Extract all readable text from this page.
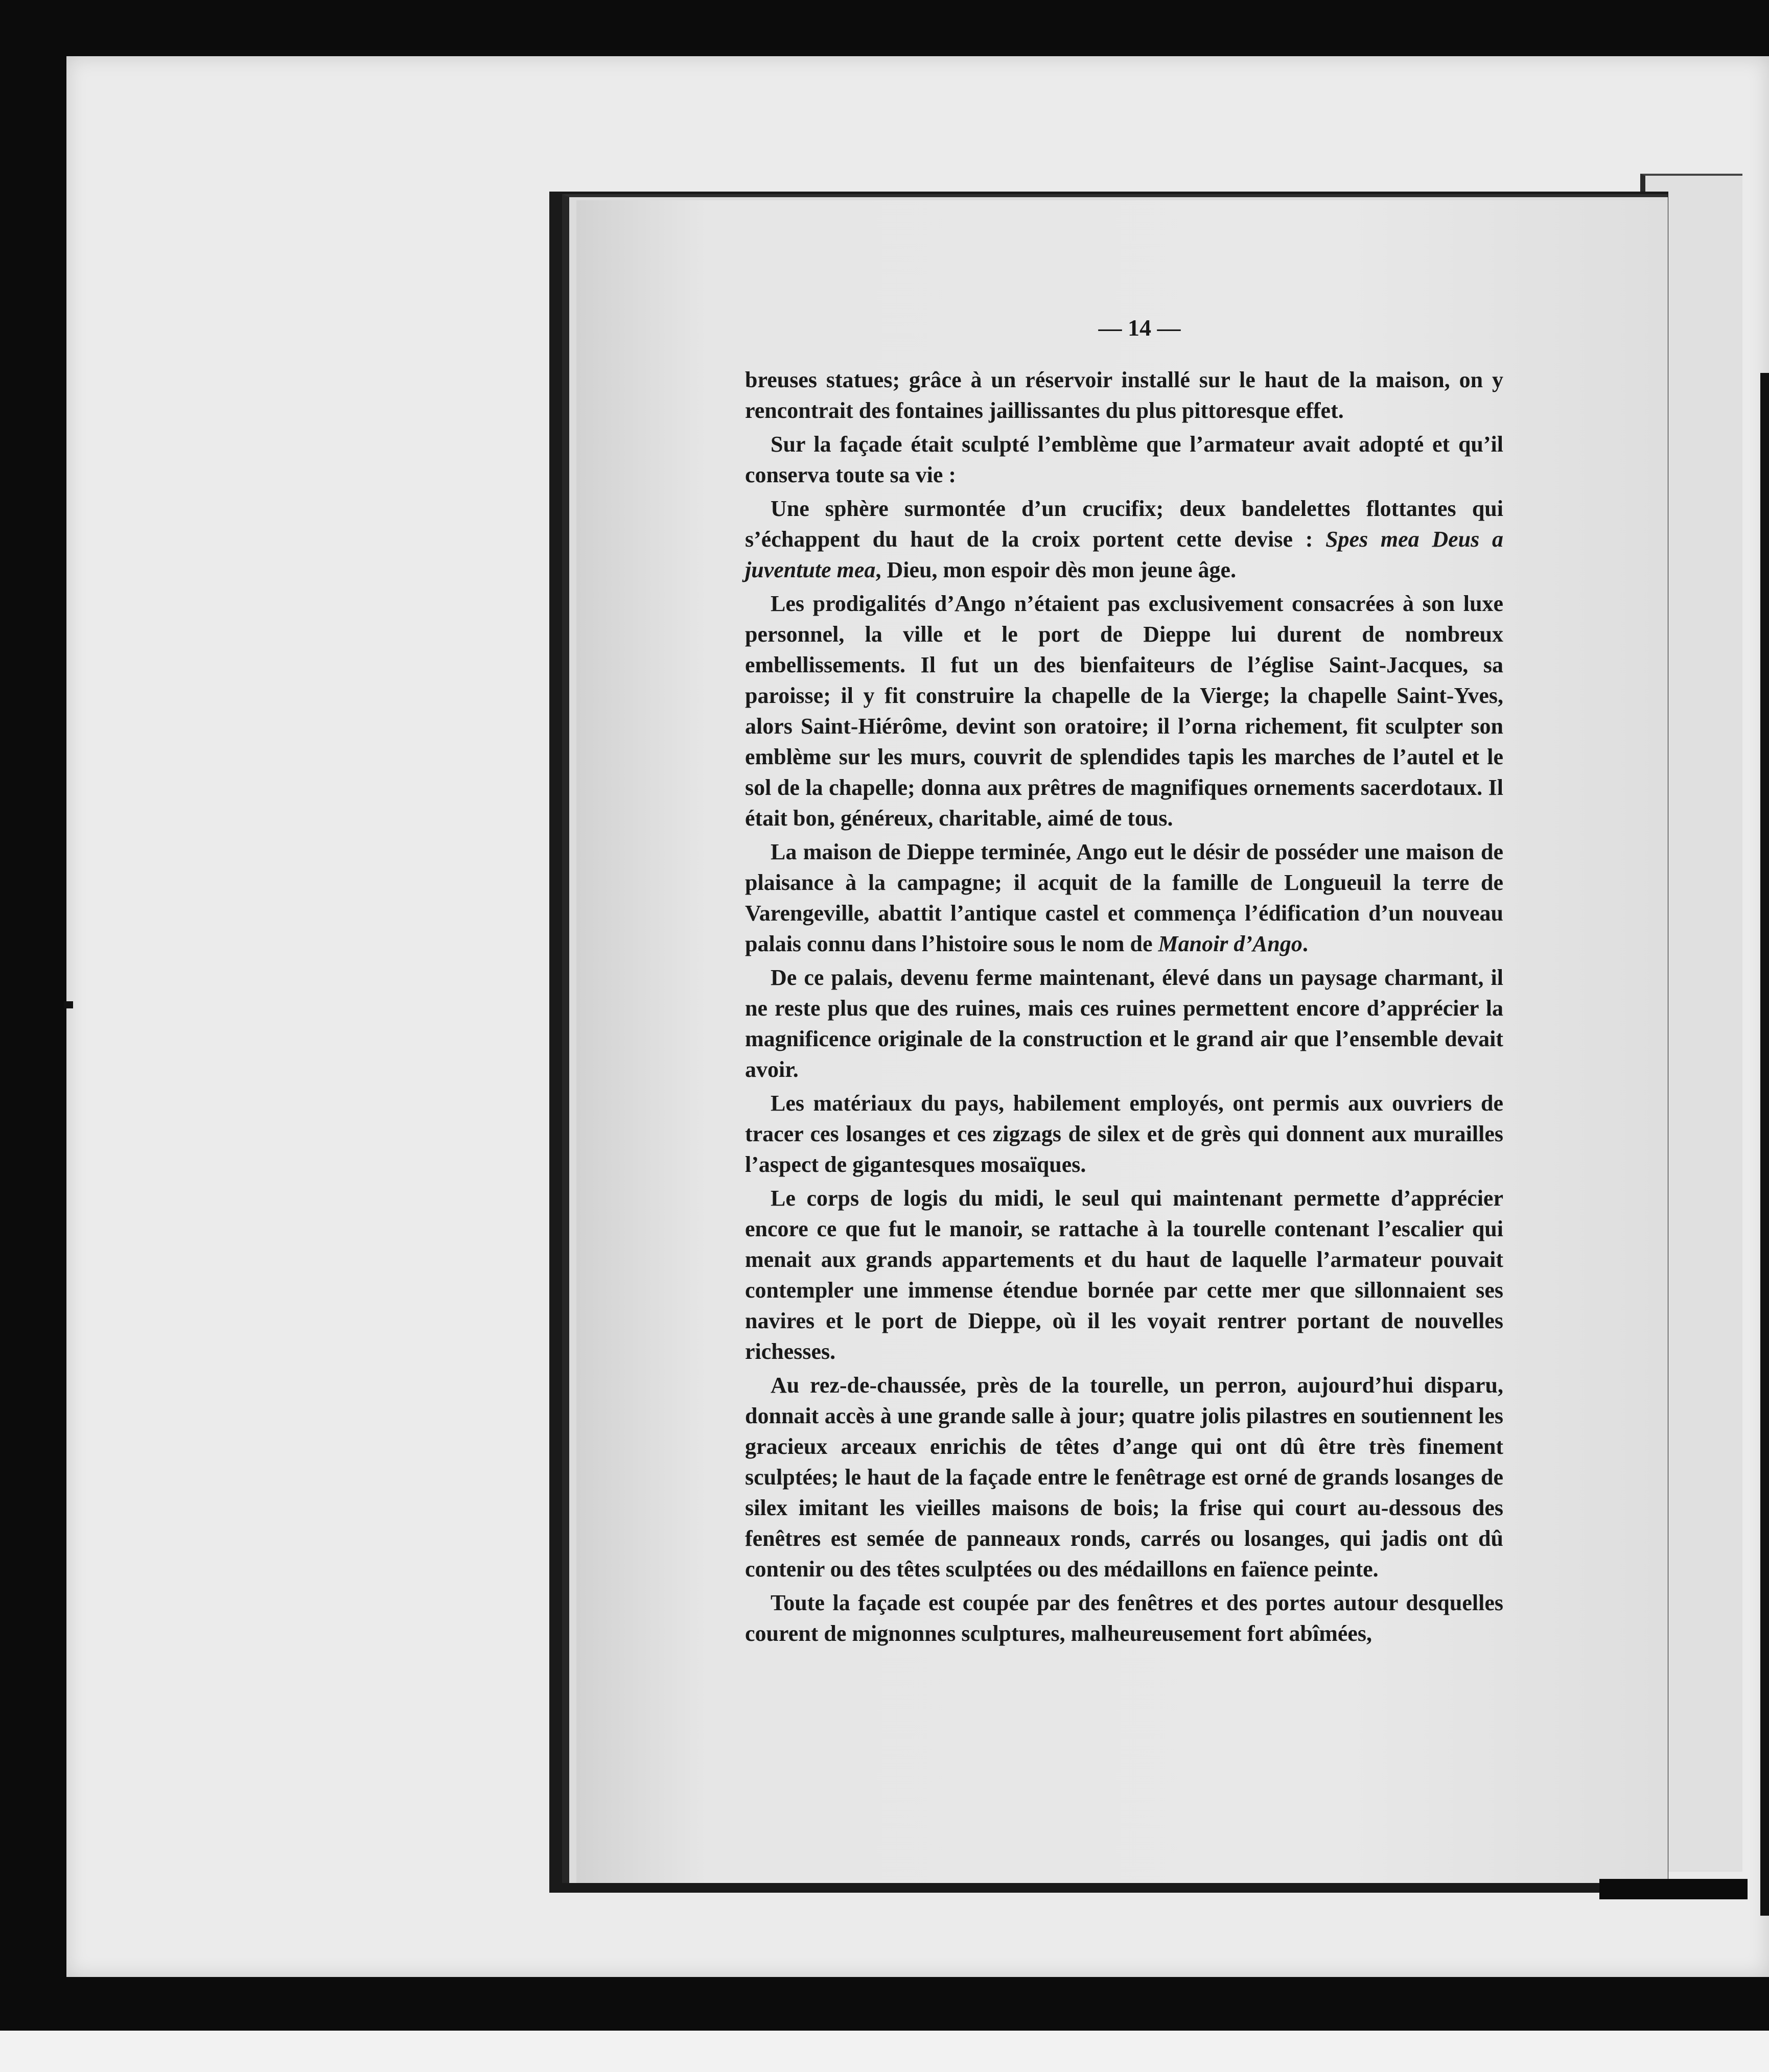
— 14 —

breuses statues; grâce à un réservoir installé sur le haut de la maison, on y rencontrait des fontaines jaillissantes du plus pittoresque effet.

Sur la façade était sculpté l’emblème que l’armateur avait adopté et qu’il conserva toute sa vie :

Une sphère surmontée d’un crucifix; deux bandelettes flottantes qui s’échappent du haut de la croix portent cette devise : Spes mea Deus a juventute mea, Dieu, mon espoir dès mon jeune âge.

Les prodigalités d’Ango n’étaient pas exclusivement consacrées à son luxe personnel, la ville et le port de Dieppe lui durent de nombreux embellissements. Il fut un des bienfaiteurs de l’église Saint-Jacques, sa paroisse; il y fit construire la chapelle de la Vierge; la chapelle Saint-Yves, alors Saint-Hiérôme, devint son oratoire; il l’orna richement, fit sculpter son emblème sur les murs, couvrit de splendides tapis les marches de l’autel et le sol de la chapelle; donna aux prêtres de magnifiques ornements sacerdotaux. Il était bon, généreux, charitable, aimé de tous.

La maison de Dieppe terminée, Ango eut le désir de posséder une maison de plaisance à la campagne; il acquit de la famille de Longueuil la terre de Varengeville, abattit l’antique castel et commença l’édification d’un nouveau palais connu dans l’histoire sous le nom de Manoir d’Ango.

De ce palais, devenu ferme maintenant, élevé dans un paysage charmant, il ne reste plus que des ruines, mais ces ruines permettent encore d’apprécier la magnificence originale de la construction et le grand air que l’ensemble devait avoir.

Les matériaux du pays, habilement employés, ont permis aux ouvriers de tracer ces losanges et ces zigzags de silex et de grès qui donnent aux murailles l’aspect de gigantesques mosaïques.

Le corps de logis du midi, le seul qui maintenant permette d’apprécier encore ce que fut le manoir, se rattache à la tourelle contenant l’escalier qui menait aux grands appartements et du haut de laquelle l’armateur pouvait contempler une immense étendue bornée par cette mer que sillonnaient ses navires et le port de Dieppe, où il les voyait rentrer portant de nouvelles richesses.

Au rez-de-chaussée, près de la tourelle, un perron, aujourd’hui disparu, donnait accès à une grande salle à jour; quatre jolis pilastres en soutiennent les gracieux arceaux enrichis de têtes d’ange qui ont dû être très finement sculptées; le haut de la façade entre le fenêtrage est orné de grands losanges de silex imitant les vieilles maisons de bois; la frise qui court au-dessous des fenêtres est semée de panneaux ronds, carrés ou losanges, qui jadis ont dû contenir ou des têtes sculptées ou des médaillons en faïence peinte.

Toute la façade est coupée par des fenêtres et des portes autour desquelles courent de mignonnes sculptures, malheureusement fort abîmées,
